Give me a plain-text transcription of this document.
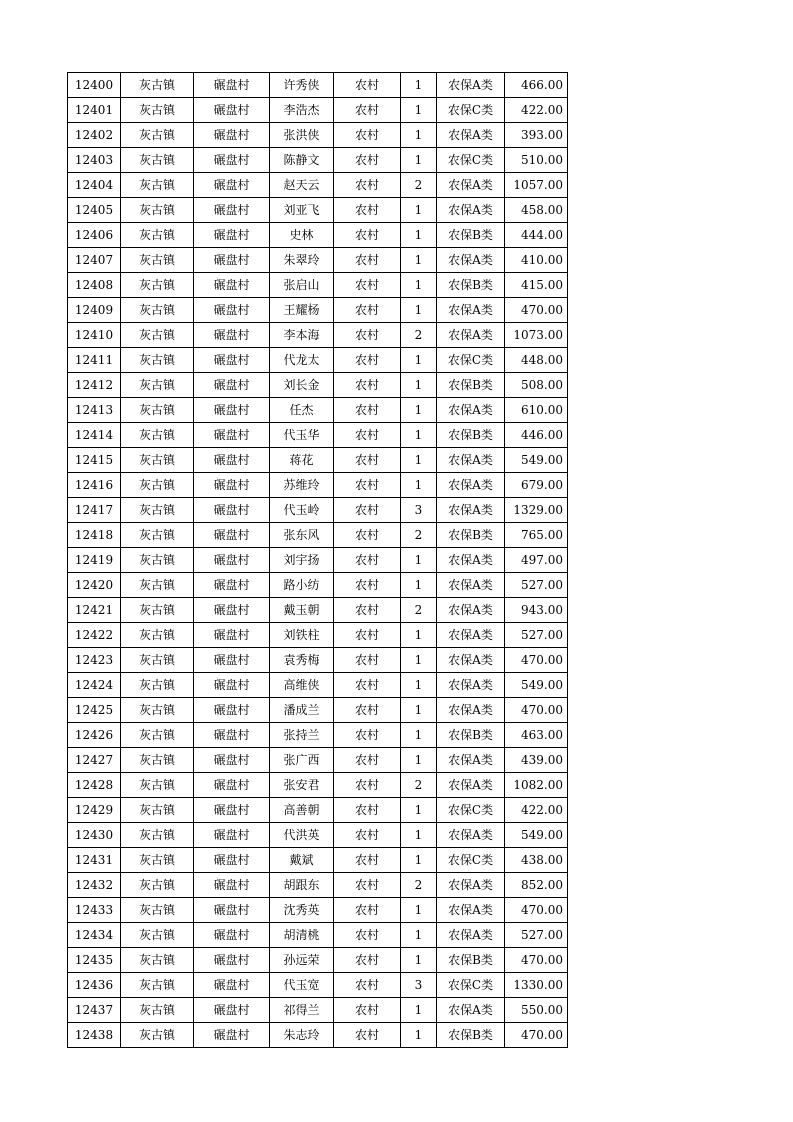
12400	灰古镇	碾盘村	许秀侠	农村	1	农保A类	466.00
12401	灰古镇	碾盘村	李浩杰	农村	1	农保C类	422.00
12402	灰古镇	碾盘村	张洪侠	农村	1	农保A类	393.00
12403	灰古镇	碾盘村	陈静文	农村	1	农保C类	510.00
12404	灰古镇	碾盘村	赵天云	农村	2	农保A类	1057.00
12405	灰古镇	碾盘村	刘亚飞	农村	1	农保A类	458.00
12406	灰古镇	碾盘村	史林	农村	1	农保B类	444.00
12407	灰古镇	碾盘村	朱翠玲	农村	1	农保A类	410.00
12408	灰古镇	碾盘村	张启山	农村	1	农保B类	415.00
12409	灰古镇	碾盘村	王耀杨	农村	1	农保A类	470.00
12410	灰古镇	碾盘村	李本海	农村	2	农保A类	1073.00
12411	灰古镇	碾盘村	代龙太	农村	1	农保C类	448.00
12412	灰古镇	碾盘村	刘长金	农村	1	农保B类	508.00
12413	灰古镇	碾盘村	任杰	农村	1	农保A类	610.00
12414	灰古镇	碾盘村	代玉华	农村	1	农保B类	446.00
12415	灰古镇	碾盘村	蒋花	农村	1	农保A类	549.00
12416	灰古镇	碾盘村	苏维玲	农村	1	农保A类	679.00
12417	灰古镇	碾盘村	代玉岭	农村	3	农保A类	1329.00
12418	灰古镇	碾盘村	张东风	农村	2	农保B类	765.00
12419	灰古镇	碾盘村	刘宇扬	农村	1	农保A类	497.00
12420	灰古镇	碾盘村	路小纺	农村	1	农保A类	527.00
12421	灰古镇	碾盘村	戴玉朝	农村	2	农保A类	943.00
12422	灰古镇	碾盘村	刘铁柱	农村	1	农保A类	527.00
12423	灰古镇	碾盘村	袁秀梅	农村	1	农保A类	470.00
12424	灰古镇	碾盘村	高维侠	农村	1	农保A类	549.00
12425	灰古镇	碾盘村	潘成兰	农村	1	农保A类	470.00
12426	灰古镇	碾盘村	张持兰	农村	1	农保B类	463.00
12427	灰古镇	碾盘村	张广西	农村	1	农保A类	439.00
12428	灰古镇	碾盘村	张安君	农村	2	农保A类	1082.00
12429	灰古镇	碾盘村	高善朝	农村	1	农保C类	422.00
12430	灰古镇	碾盘村	代洪英	农村	1	农保A类	549.00
12431	灰古镇	碾盘村	戴斌	农村	1	农保C类	438.00
12432	灰古镇	碾盘村	胡跟东	农村	2	农保A类	852.00
12433	灰古镇	碾盘村	沈秀英	农村	1	农保A类	470.00
12434	灰古镇	碾盘村	胡清桃	农村	1	农保A类	527.00
12435	灰古镇	碾盘村	孙远荣	农村	1	农保B类	470.00
12436	灰古镇	碾盘村	代玉宽	农村	3	农保C类	1330.00
12437	灰古镇	碾盘村	祁得兰	农村	1	农保A类	550.00
12438	灰古镇	碾盘村	朱志玲	农村	1	农保B类	470.00
